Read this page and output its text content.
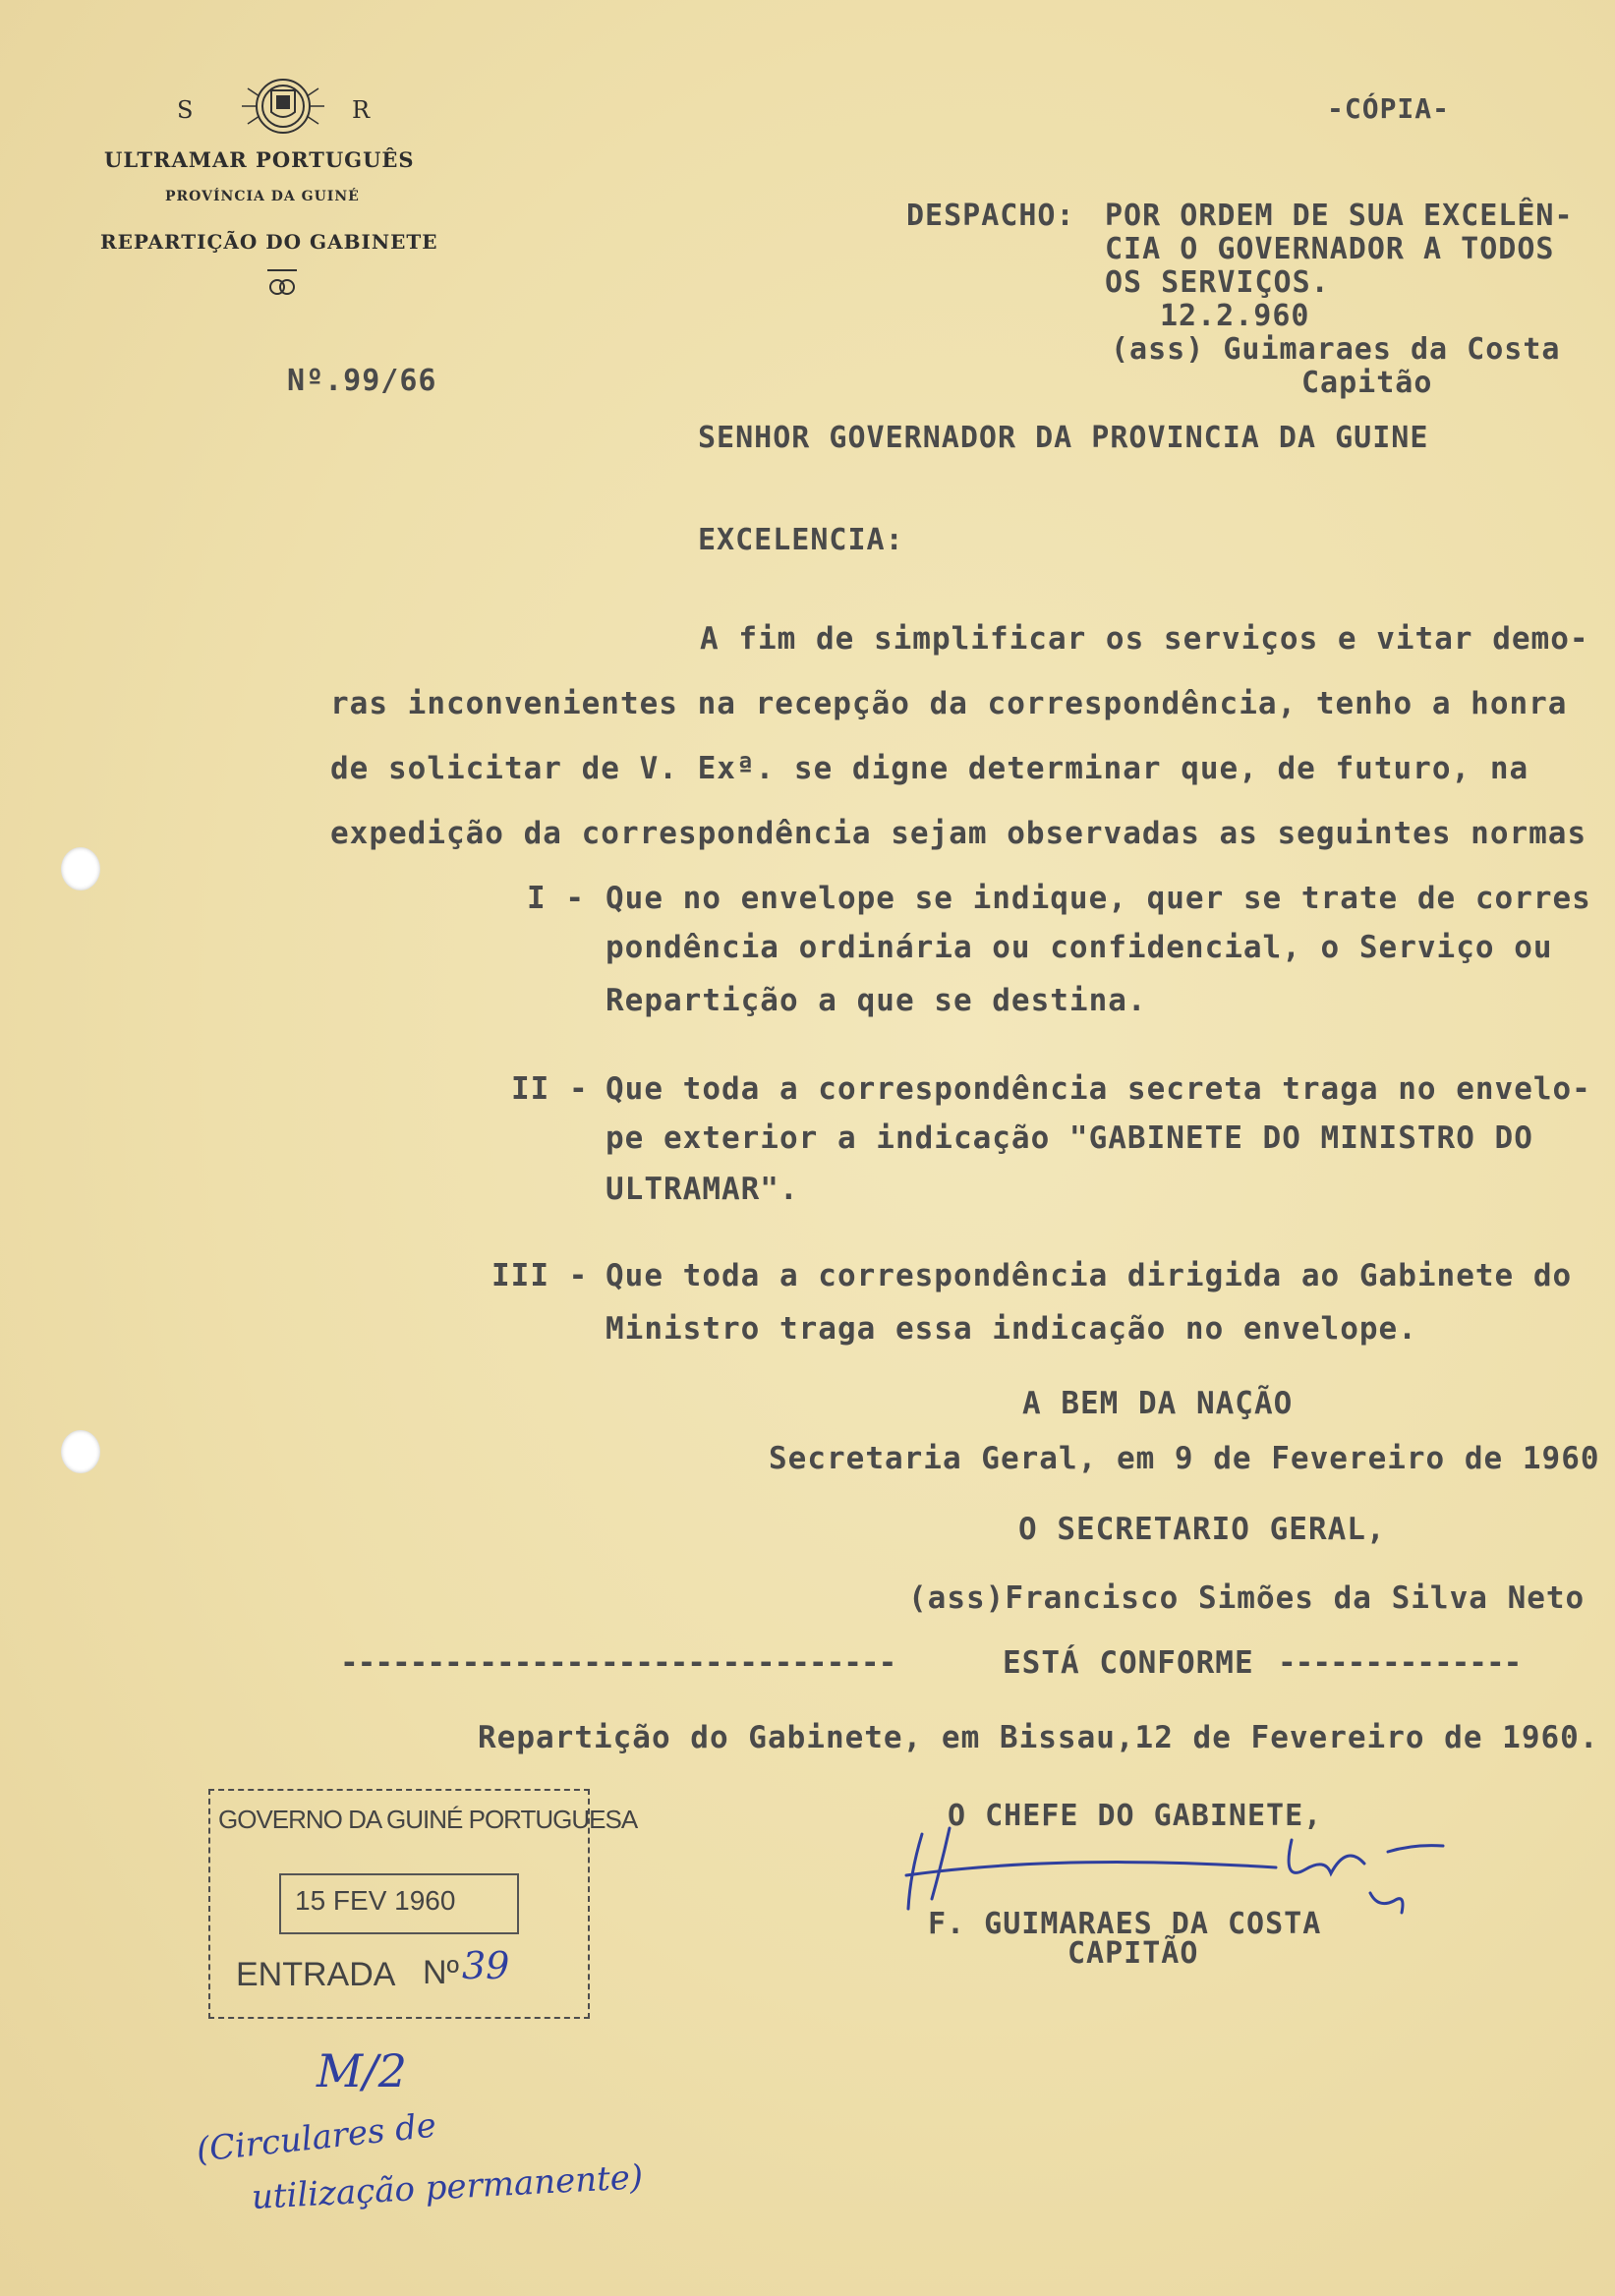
S	R
ULTRAMAR PORTUGUÊS
PROVÍNCIA DA GUINÉ
REPARTIÇÃO DO GABINETE
-CÓPIA-
DESPACHO: POR ORDEM DE SUA EXCELÊN-
CIA O GOVERNADOR A TODOS
OS SERVIÇOS.
12.2.960
(ass) Guimaraes da Costa
Capitão
Nº.99/66
SENHOR GOVERNADOR DA PROVINCIA DA GUINE
EXCELENCIA:
A fim de simplificar os serviços e vitar demo-
ras inconvenientes na recepção da correspondência, tenho a honra
de solicitar de V. Exª. se digne determinar que, de futuro, na
expedição da correspondência sejam observadas as seguintes normas
I - Que no envelope se indique, quer se trate de corres
pondência ordinária ou confidencial, o Serviço ou
Repartição a que se destina.
II - Que toda a correspondência secreta traga no envelo-
pe exterior a indicação "GABINETE DO MINISTRO DO
ULTRAMAR".
III - Que toda a correspondência dirigida ao Gabinete do
Ministro traga essa indicação no envelope.
A BEM DA NAÇÃO
Secretaria Geral, em 9 de Fevereiro de 1960
O SECRETARIO GERAL,
(ass)Francisco Simões da Silva Neto
--------------------------------	ESTÁ CONFORME --------------
Repartição do Gabinete, em Bissau,12 de Fevereiro de 1960.
O CHEFE DO GABINETE,
F. GUIMARAES DA COSTA
CAPITÃO
GOVERNO DA GUINÉ PORTUGUESA
15 FEV 1960
ENTRADA Nº 39
M/2
(Circulares de
utilização permanente)
